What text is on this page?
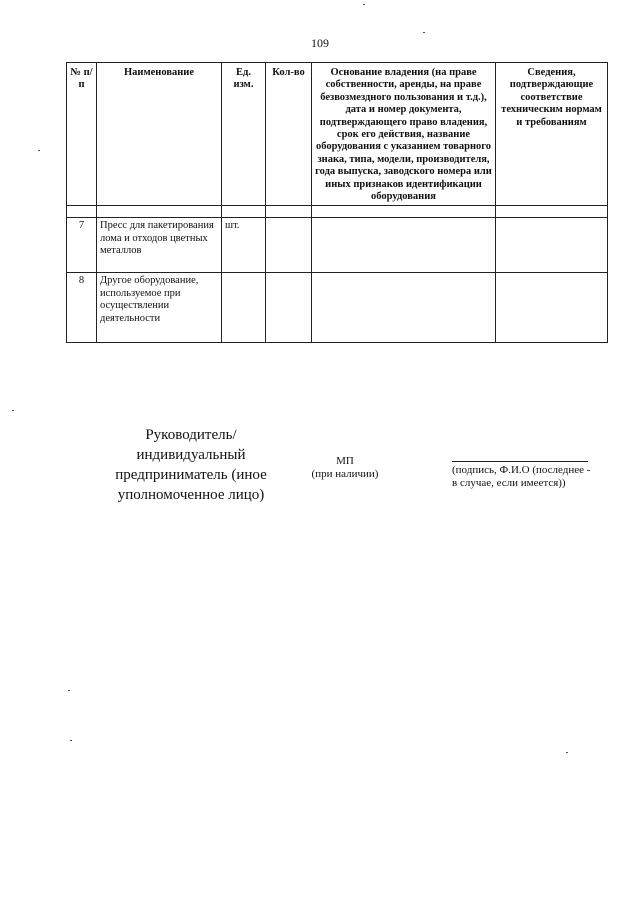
109
№ п/п	Наименование	Ед. изм.	Кол-во	Основание владения (на праве собственности, аренды, на праве безвозмездного пользования и т.д.), дата и номер документа, подтверждающего право владения, срок его действия, название оборудования с указанием товарного знака, типа, модели, производителя, года выпуска, заводского номера или иных признаков идентификации оборудования	Сведения, подтверждающие соответствие техническим нормам и требованиям

7	Пресс для пакетирования лома и отходов цветных металлов	шт.			
8	Другое оборудование, используемое при осуществлении деятельности				
Руководитель/ индивидуальный предприниматель (иное уполномоченное лицо)
МП
(при наличии)	(подпись, Ф.И.О (последнее - в случае, если имеется))
